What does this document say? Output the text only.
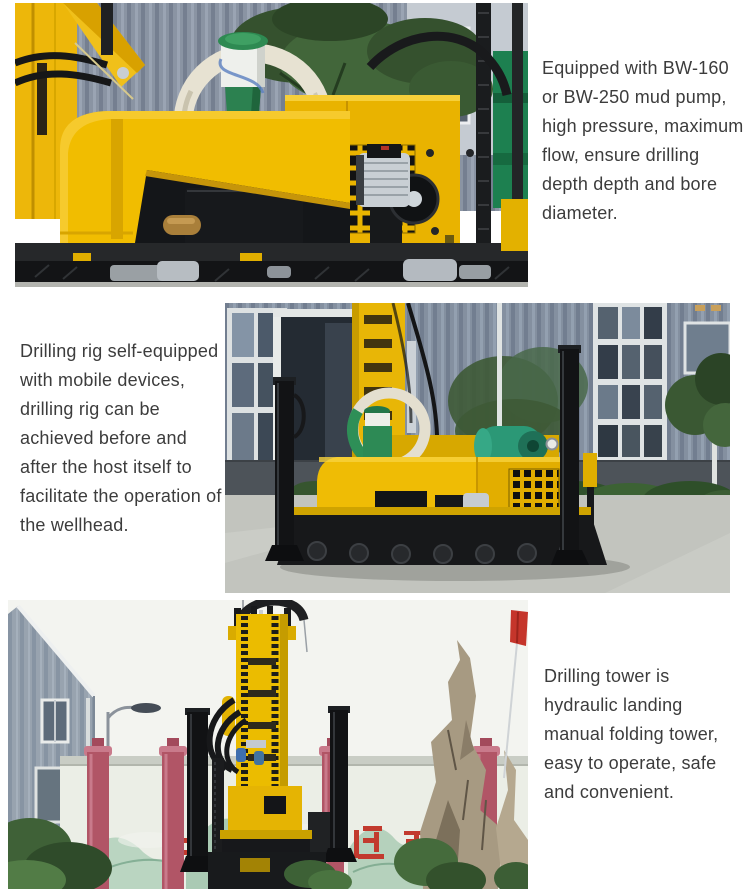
Equipped with BW-160
or BW-250 mud pump,
high pressure, maximum
flow, ensure drilling
depth depth and bore
diameter.
Drilling rig self-equipped
with mobile devices,
drilling rig can be
achieved before and
after the host itself to
facilitate the operation of
the wellhead.
Drilling tower is
hydraulic landing
manual folding tower,
easy to operate, safe
and convenient.
